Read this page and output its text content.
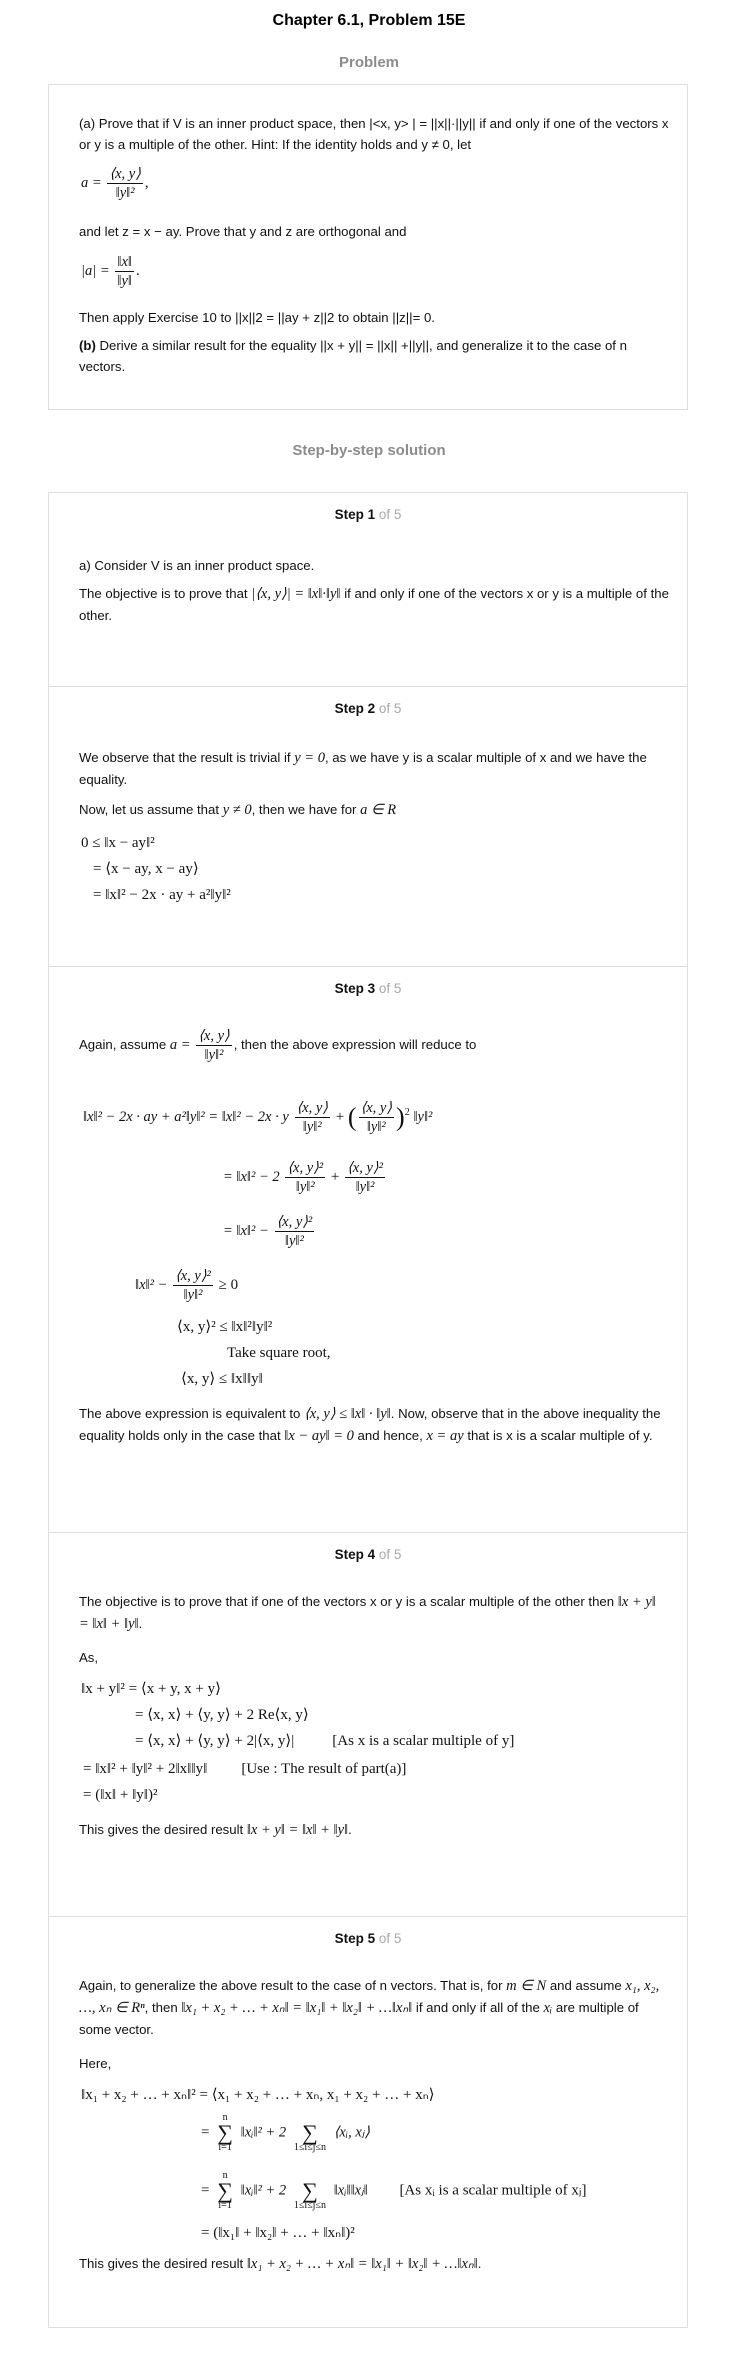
Chapter 6.1, Problem 15E
Problem
(a) Prove that if V is an inner product space, then |<x, y> | = ||x||·||y|| if and only if one of the vectors x or y is a multiple of the other. Hint: If the identity holds and y ≠ 0, let
$a = \frac{⟨x, y⟩}{\text{‖y‖²}}$ ,
and let z = x − ay. Prove that y and z are orthogonal and
$|a| = \frac{‖x‖}{‖y‖}$ .
Then apply Exercise 10 to ||x||2 = ||ay + z||2 to obtain ||z||= 0.
(b) Derive a similar result for the equality ||x + y|| = ||x|| +||y||, and generalize it to the case of n vectors.
Step-by-step solution
Step 1 of 5
a) Consider V is an inner product space.
The objective is to prove that |⟨x, y⟩| = ‖x‖·‖y‖ if and only if one of the vectors x or y is a multiple of the other.
Step 2 of 5
We observe that the result is trivial if y = 0, as we have y is a scalar multiple of x and we have the equality.
Now, let us assume that y ≠ 0, then we have for a ∈ R
0 ≤ ‖x − ay‖²
= ⟨x − ay, x − ay⟩
= ‖x‖² − 2x · ay + a²‖y‖²
Step 3 of 5
Again, assume $a = \frac{⟨x, y⟩}{\text{‖y‖²}}$ , then the above expression will reduce to
‖x‖² − 2x · ay + a²‖y‖² = ‖x‖² − 2x · y $\frac{⟨x, y⟩}{\text{‖y‖²}}$ + ( $\frac{⟨x, y⟩}{\text{‖y‖²}} )^2$ ‖y‖²
= ‖x‖² − $2 \frac{\text{⟨x, y⟩²}}{\text{‖y‖²}} + \frac{\text{⟨x, y⟩²}}{\text{‖y‖²}}$
= ‖x‖² − $\frac{\text{⟨x, y⟩²}}{\text{‖y‖²}}$
‖x‖² − $\frac{\text{⟨x, y⟩²}}{\text{‖y‖²}} \ge 0$
⟨x, y⟩² ≤ ‖x‖²‖y‖²
Take square root,
⟨x, y⟩ ≤ ‖x‖‖y‖
The above expression is equivalent to ⟨x, y⟩ ≤ ‖x‖ · ‖y‖. Now, observe that in the above inequality the equality holds only in the case that ‖x − ay‖ = 0 and hence, x = ay that is x is a scalar multiple of y.
Step 4 of 5
The objective is to prove that if one of the vectors x or y is a scalar multiple of the other then ‖x + y‖ = ‖x‖ + ‖y‖.
As,
‖x + y‖² = ⟨x + y, x + y⟩
= ⟨x, x⟩ + ⟨y, y⟩ + 2 Re⟨x, y⟩
= ⟨x, x⟩ + ⟨y, y⟩ + 2|⟨x, y⟩|	[As x is a scalar multiple of y]
= ‖x‖² + ‖y‖² + 2‖x‖‖y‖ [Use : The result of part(a)]
= (‖x‖ + ‖y‖)²
This gives the desired result ‖x + y‖ = ‖x‖ + ‖y‖.
Step 5 of 5
Again, to generalize the above result to the case of n vectors. That is, for m ∈ N and assume x₁, x₂, …, xₙ ∈ Rⁿ, then ‖x₁ + x₂ + … + xₙ‖ = ‖x₁‖ + ‖x₂‖ + …‖xₙ‖ if and only if all of the xᵢ are multiple of some vector.
Here,
‖x₁ + x₂ + … + xₙ‖² = ⟨x₁ + x₂ + … + xₙ, x₁ + x₂ + … + xₙ⟩
=
n
∑
i=1
‖xᵢ‖² + 2
∑
1≤i≤j≤n
⟨xᵢ, xⱼ⟩
=
n
∑
i=1
‖xᵢ‖² + 2
∑
1≤i≤j≤n
‖xᵢ‖‖xⱼ‖ [As xᵢ is a scalar multiple of xⱼ]
= (‖x₁‖ + ‖x₂‖ + … + ‖xₙ‖)²
This gives the desired result ‖x₁ + x₂ + … + xₙ‖ = ‖x₁‖ + ‖x₂‖ + …‖xₙ‖.
